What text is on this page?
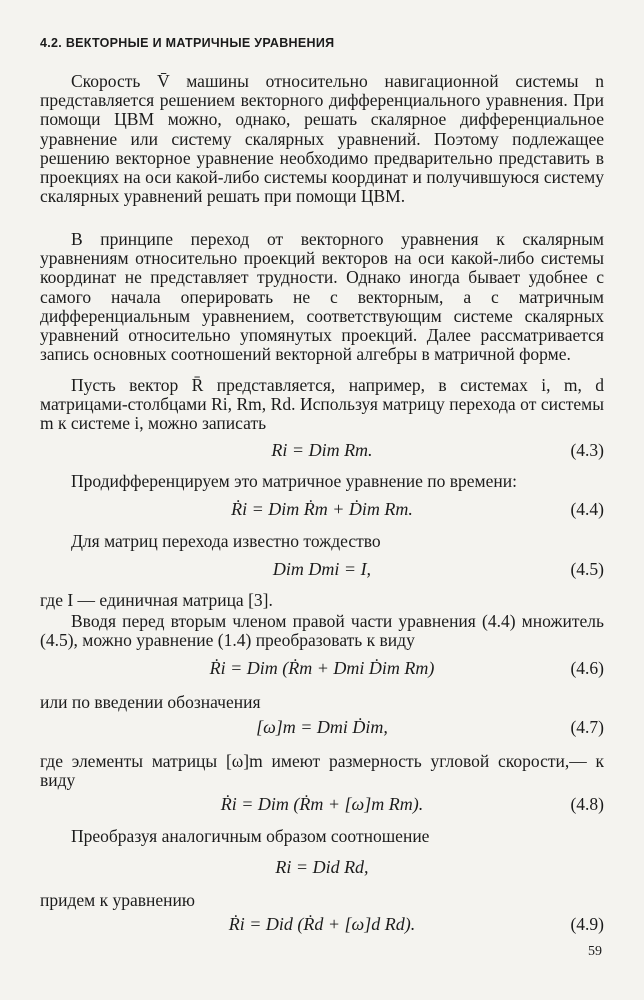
4.2. ВЕКТОРНЫЕ И МАТРИЧНЫЕ УРАВНЕНИЯ
Скорость V̄ машины относительно навигационной системы n представляется решением векторного дифференциального уравнения. При помощи ЦВМ можно, однако, решать скалярное дифференциальное уравнение или систему скалярных уравнений. Поэтому подлежащее решению векторное уравнение необходимо предварительно представить в проекциях на оси какой-либо системы координат и получившуюся систему скалярных уравнений решать при помощи ЦВМ.
В принципе переход от векторного уравнения к скалярным уравнениям относительно проекций векторов на оси какой-либо системы координат не представляет трудности. Однако иногда бывает удобнее с самого начала оперировать не с векторным, а с матричным дифференциальным уравнением, соответствующим системе скалярных уравнений относительно упомянутых проекций. Далее рассматривается запись основных соотношений векторной алгебры в матричной форме.
Пусть вектор R̄ представляется, например, в системах i, m, d матрицами-столбцами Ri, Rm, Rd. Используя матрицу перехода от системы m к системе i, можно записать
Ri = Dim Rm.	(4.3)
Продифференцируем это матричное уравнение по времени:
Ṙi = Dim Ṙm + Ḋim Rm.	(4.4)
Для матриц перехода известно тождество
Dim Dmi = I,	(4.5)
где I — единичная матрица [3].
Вводя перед вторым членом правой части уравнения (4.4) множитель (4.5), можно уравнение (1.4) преобразовать к виду
Ṙi = Dim (Ṙm + Dmi Ḋim Rm)	(4.6)
или по введении обозначения
[ω]m = Dmi Ḋim,	(4.7)
где элементы матрицы [ω]m имеют размерность угловой скорости,— к виду
Ṙi = Dim (Ṙm + [ω]m Rm).	(4.8)
Преобразуя аналогичным образом соотношение
Ri = Did Rd,
придем к уравнению
Ṙi = Did (Ṙd + [ω]d Rd).	(4.9)
59
